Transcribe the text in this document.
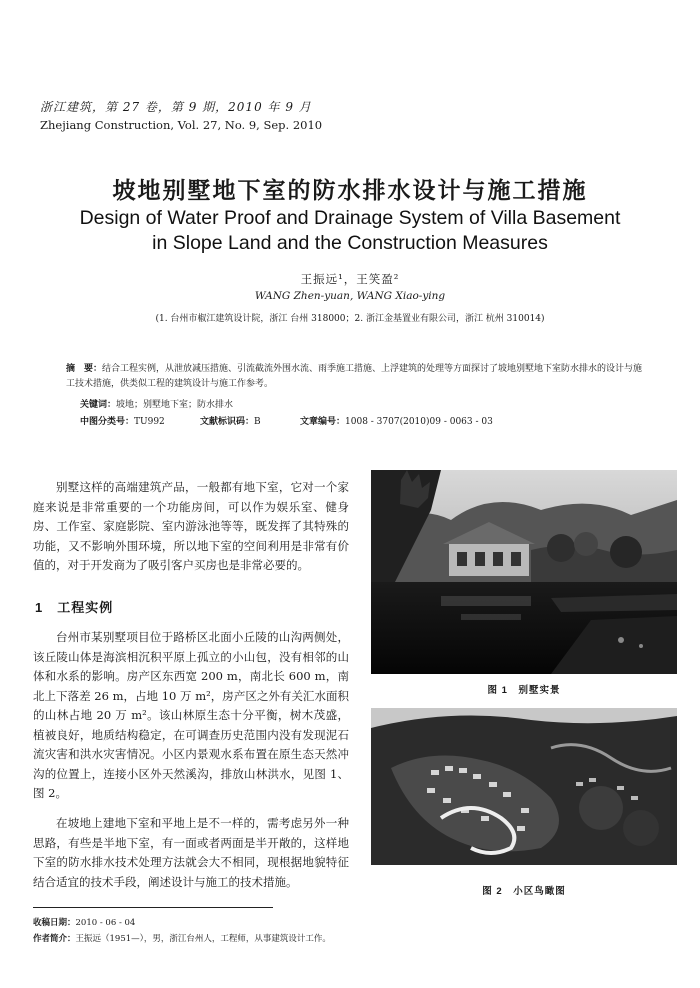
浙江建筑，第 27 卷，第 9 期，2010 年 9 月
Zhejiang Construction, Vol. 27, No. 9, Sep. 2010
坡地别墅地下室的防水排水设计与施工措施
Design of Water Proof and Drainage System of Villa Basement
in Slope Land and the Construction Measures
王振远¹，王笑盈²
WANG Zhen-yuan, WANG Xiao-ying
(1. 台州市椒江建筑设计院，浙江 台州 318000；2. 浙江金基置业有限公司，浙江 杭州 310014)
摘　要：结合工程实例，从泄放减压措施、引流截流外围水流、雨季施工措施、上浮建筑的处理等方面探讨了坡地别墅地下室防水排水的设计与施工技术措施，供类似工程的建筑设计与施工作参考。
关键词：坡地；别墅地下室；防水排水
中图分类号：TU992	文献标识码：B	文章编号：1008 - 3707(2010)09 - 0063 - 03

别墅这样的高端建筑产品，一般都有地下室，它对一个家庭来说是非常重要的一个功能房间，可以作为娱乐室、健身房、工作室、家庭影院、室内游泳池等等，既发挥了其特殊的功能，又不影响外围环境，所以地下室的空间利用是非常有价值的，对于开发商为了吸引客户买房也是非常必要的。

1　工程实例

台州市某别墅项目位于路桥区北面小丘陵的山沟两侧处，该丘陵山体是海滨相沉积平原上孤立的小山包，没有相邻的山体和水系的影响。房产区东西宽 200 m，南北长 600 m，南北上下落差 26 m，占地 10 万 m²，房产区之外有关汇水面积的山林占地 20 万 m²。该山林原生态十分平衡，树木茂盛，植被良好，地质结构稳定，在可调查历史范围内没有发现泥石流灾害和洪水灾害情况。小区内景观水系布置在原生态天然冲沟的位置上，连接小区外天然溪沟，排放山林洪水，见图 1、图 2。

在坡地上建地下室和平地上是不一样的，需考虑另外一种思路，有些是半地下室，有一面或者两面是半开敞的，这样地下室的防水排水技术处理方法就会大不相同，现根据地貌特征结合适宜的技术手段，阐述设计与施工的技术措施。

图 1　别墅实景
图 2　小区鸟瞰图
收稿日期：2010 - 06 - 04
作者简介：王振远（1951—），男，浙江台州人，工程师，从事建筑设计工作。
